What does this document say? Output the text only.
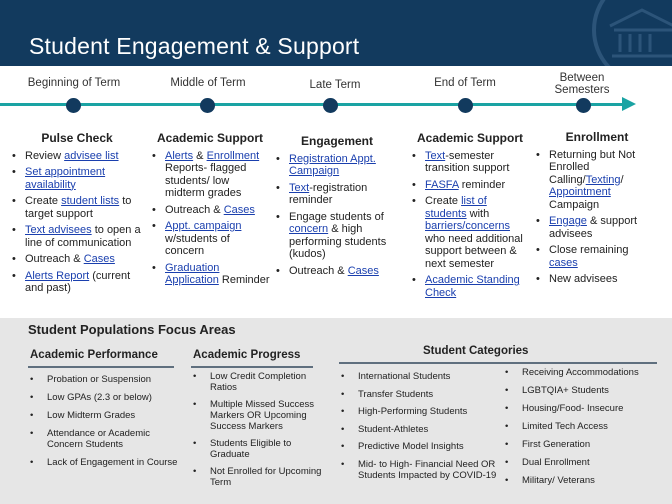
Student Engagement & Support
Beginning of Term	Middle of Term	Late Term	End of Term	Between Semesters
Pulse Check
• Review advisee list
• Set appointment availability
• Create student lists to target support
• Text advisees to open a line of communication
• Outreach & Cases
• Alerts Report (current and past)
Academic Support
• Alerts & Enrollment Reports- flagged students/ low midterm grades
• Outreach & Cases
• Appt. campaign w/students of concern
• Graduation Application Reminder
Engagement
• Registration Appt. Campaign
• Text-registration reminder
• Engage students of concern & high performing students (kudos)
• Outreach & Cases
Academic Support
• Text-semester transition support
• FASFA reminder
• Create list of students with barriers/concerns who need additional support between & next semester
• Academic Standing Check
Enrollment
• Returning but Not Enrolled Calling/Texting/ Appointment Campaign
• Engage & support advisees
• Close remaining cases
• New advisees
Student Populations Focus Areas
Academic Performance
• Probation or Suspension
• Low GPAs (2.3 or below)
• Low Midterm Grades
• Attendance or Academic Concern Students
• Lack of Engagement in Course
Academic Progress
• Low Credit Completion Ratios
• Multiple Missed Success Markers OR Upcoming Success Markers
• Students Eligible to Graduate
• Not Enrolled for Upcoming Term
Student Categories
• International Students
• Transfer Students
• High-Performing Students
• Student-Athletes
• Predictive Model Insights
• Mid- to High- Financial Need OR Students Impacted by COVID-19
• Receiving Accommodations
• LGBTQIA+ Students
• Housing/Food- Insecure
• Limited Tech Access
• First Generation
• Dual Enrollment
• Military/ Veterans
